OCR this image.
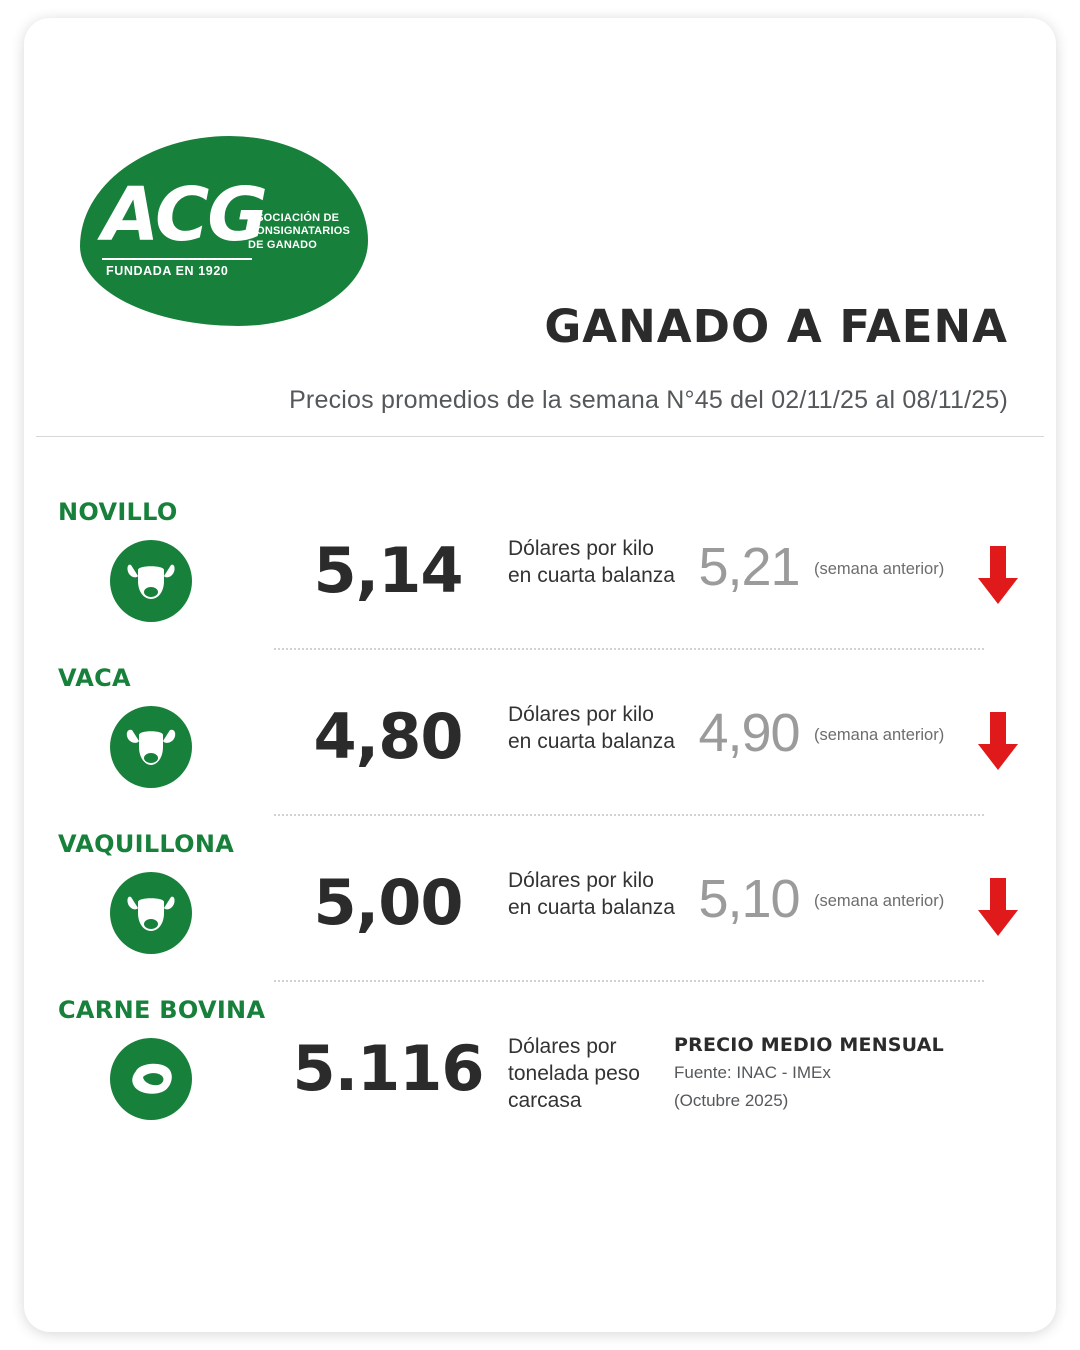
ACG
ASOCIACIÓN DE
CONSIGNATARIOS
DE GANADO
FUNDADA EN 1920
GANADO A FAENA
Precios promedios de la semana N°45 del 02/11/25 al 08/11/25)
NOVILLO
5,14	Dólares por kilo en cuarta balanza 5,21 (semana anterior)
VACA
4,80	Dólares por kilo en cuarta balanza 4,90 (semana anterior)
VAQUILLONA
5,00	Dólares por kilo en cuarta balanza 5,10 (semana anterior)
CARNE BOVINA
5.116	Dólares por tonelada peso carcasa
PRECIO MEDIO MENSUAL
Fuente: INAC - IMEx
(Octubre 2025)
